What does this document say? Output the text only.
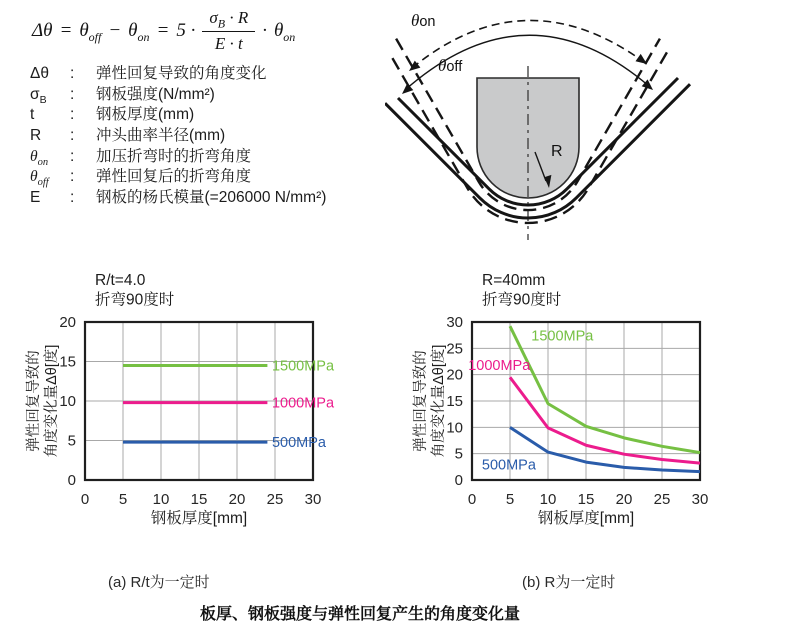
$\Delta\theta = \theta_{off} - \theta_{on} = 5 \cdot \frac{\sigma_B \cdot R}{E \cdot t} \cdot \theta_{on}$
Δθ	:	弹性回复导致的角度变化
$\sigma_B$	:	钢板强度(N/mm²)
t	:	钢板厚度(mm)
R	:	冲头曲率半径(mm)
$\theta_{on}$	:	加压折弯时的折弯角度
$\theta_{off}$	:	弹性回复后的折弯角度
E	:	钢板的杨氏模量(=206000 N/mm²)
θon
θoff
R
1500MPa
1000MPa
500MPa
0 5 10 15 20 25 30
0
5
10
15
20
R/t=4.0
折弯90度时
钢板厚度[mm]
弹性回复导致的 角度变化量Δθ[度]
1500MPa
1000MPa
500MPa
0 5 10 15 20 25 30
0
5
10
15
20
25
30
R=40mm
折弯90度时
钢板厚度[mm]
弹性回复导致的 角度变化量Δθ[度]
(a) R/t为一定时	(b) R为一定时
板厚、钢板强度与弹性回复产生的角度变化量
